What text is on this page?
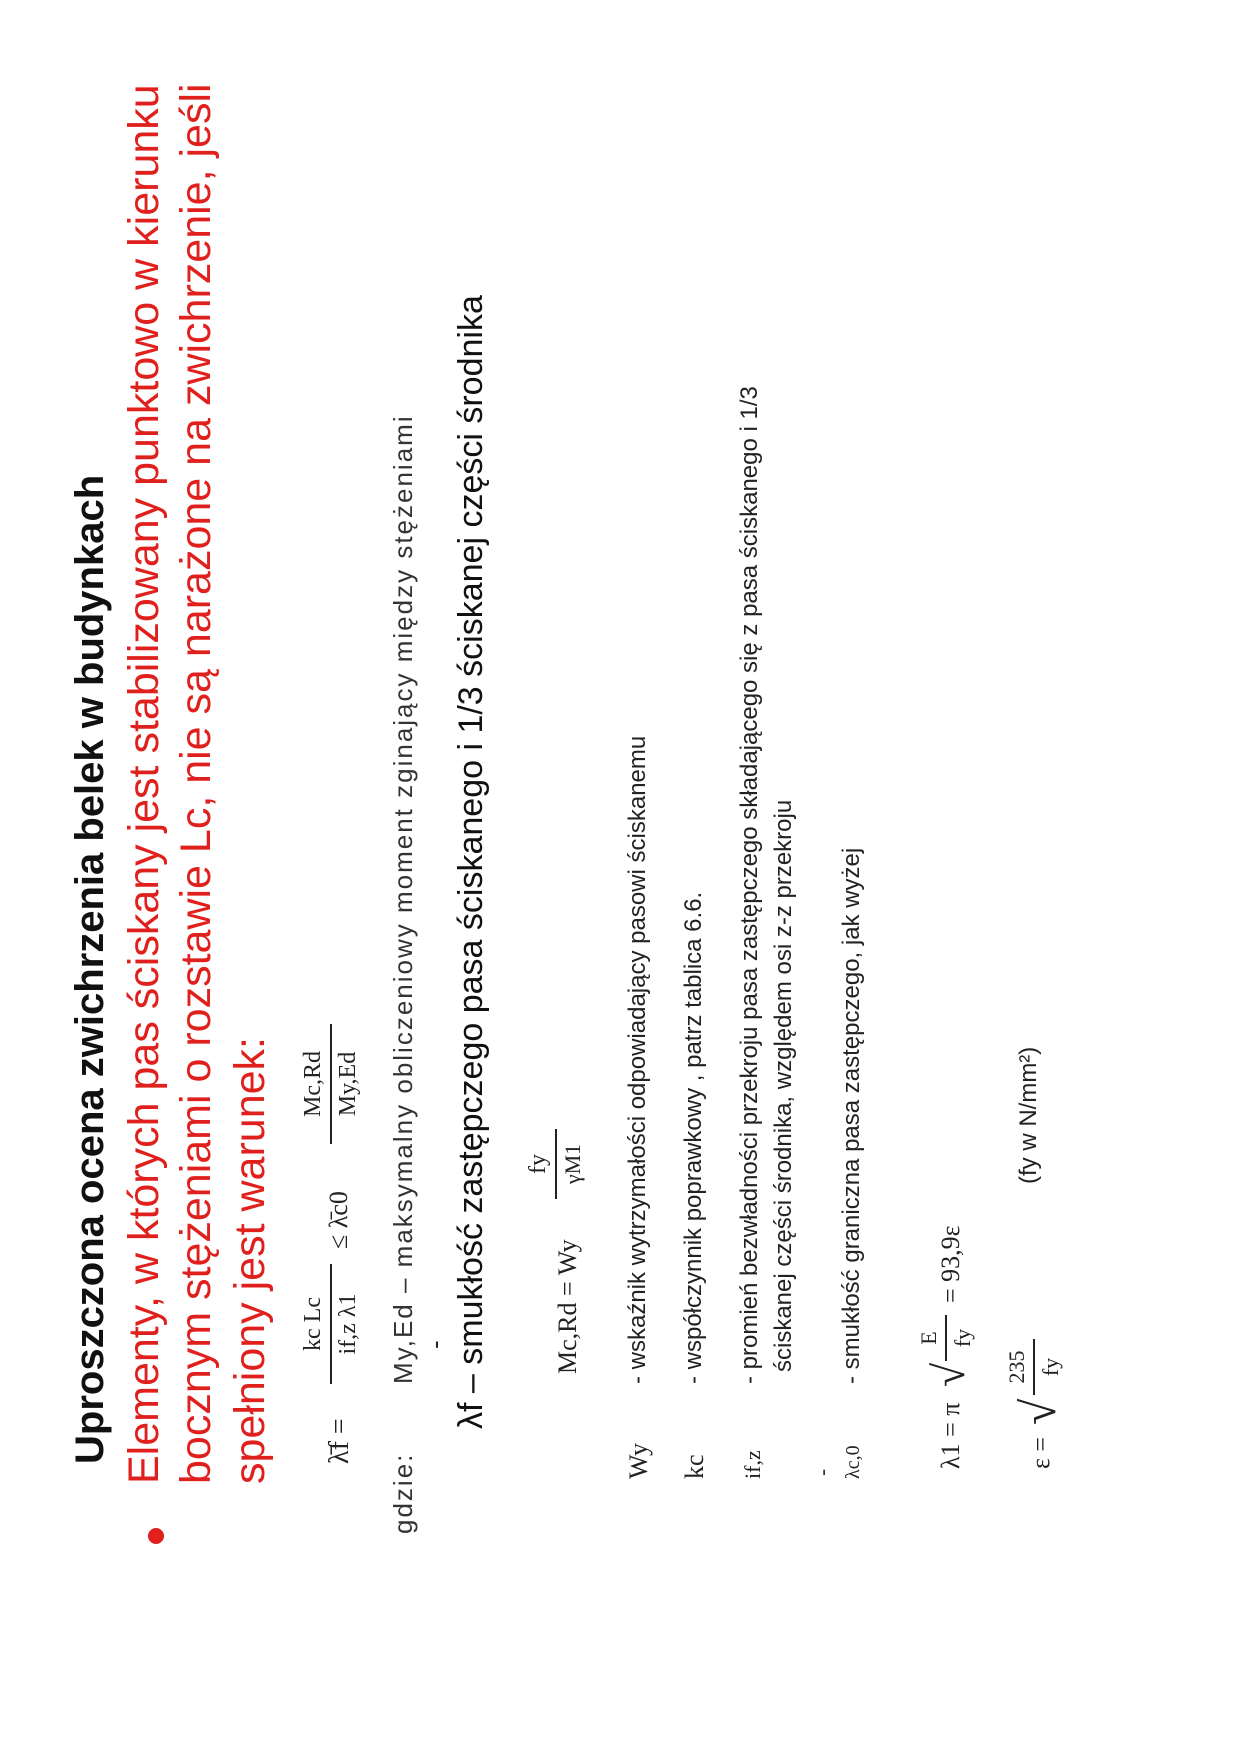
Uproszczona ocena zwichrzenia belek w budynkach Elementy, w których pas ściskany jest stabilizowany punktowo w kierunku bocznym stężeniami o rozstawie Lc, nie są narażone na zwichrzenie, jeśli spełniony jest warunek: λ̄f =
kc Lc if,z λ1
≤ λ̄c0
Mc,Rd My,Ed
gdzie:
My,Ed – maksymalny obliczeniowy moment zginający między stężeniami - λf – smukłość zastępczego pasa ściskanego i 1/3 ściskanej części środnika Mc,Rd = Wy
fy γM1
Wy
- wskaźnik wytrzymałości odpowiadający pasowi ściskanemu
kc
- współczynnik poprawkowy , patrz tablica 6.6.
if,z
- promień bezwładności przekroju pasa zastępczego składającego się z pasa ściskanego i 1/3 ściskanej części środnika, względem osi z-z przekroju
- λc,0
- smukłość graniczna pasa zastępczego, jak wyżej
λ1 = π
√
E fy
= 93,9ε
ε =
√
235 fy
(fy w N/mm²)
